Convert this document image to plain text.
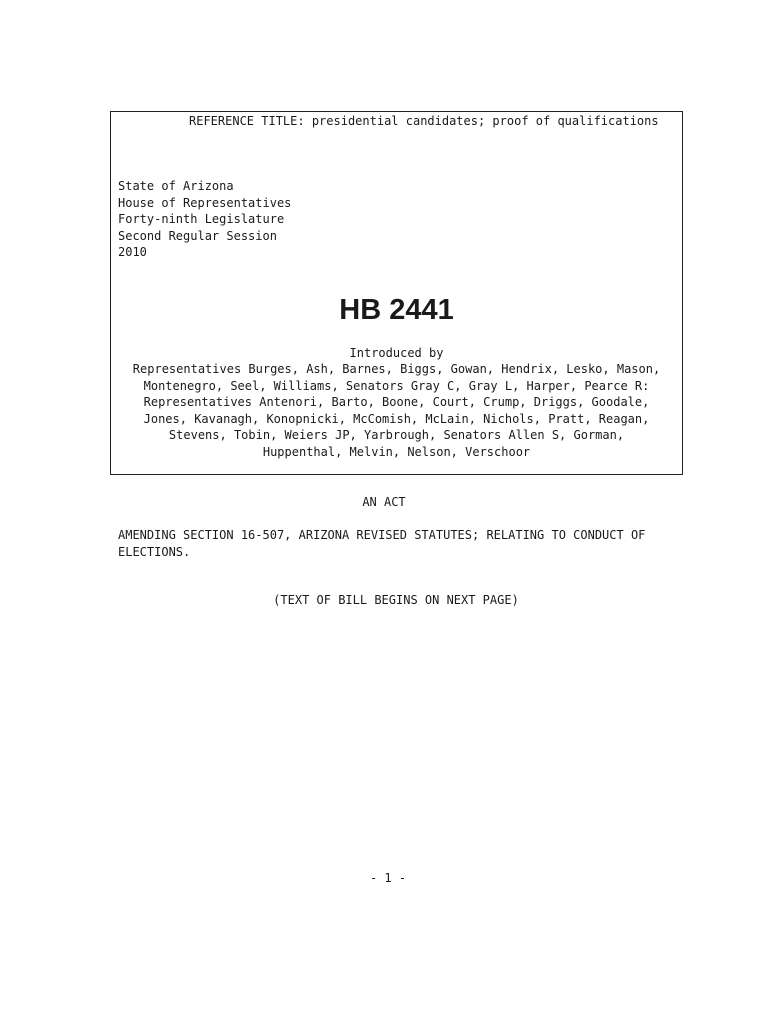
REFERENCE TITLE: presidential candidates; proof of qualifications
State of Arizona
House of Representatives
Forty-ninth Legislature
Second Regular Session
2010
HB 2441
Introduced by
Representatives Burges, Ash, Barnes, Biggs, Gowan, Hendrix, Lesko, Mason,
Montenegro, Seel, Williams, Senators Gray C, Gray L, Harper, Pearce R:
Representatives Antenori, Barto, Boone, Court, Crump, Driggs, Goodale,
Jones, Kavanagh, Konopnicki, McComish, McLain, Nichols, Pratt, Reagan,
Stevens, Tobin, Weiers JP, Yarbrough, Senators Allen S, Gorman,
Huppenthal, Melvin, Nelson, Verschoor
AN ACT
AMENDING SECTION 16-507, ARIZONA REVISED STATUTES; RELATING TO CONDUCT OF
ELECTIONS.
(TEXT OF BILL BEGINS ON NEXT PAGE)
- 1 -
